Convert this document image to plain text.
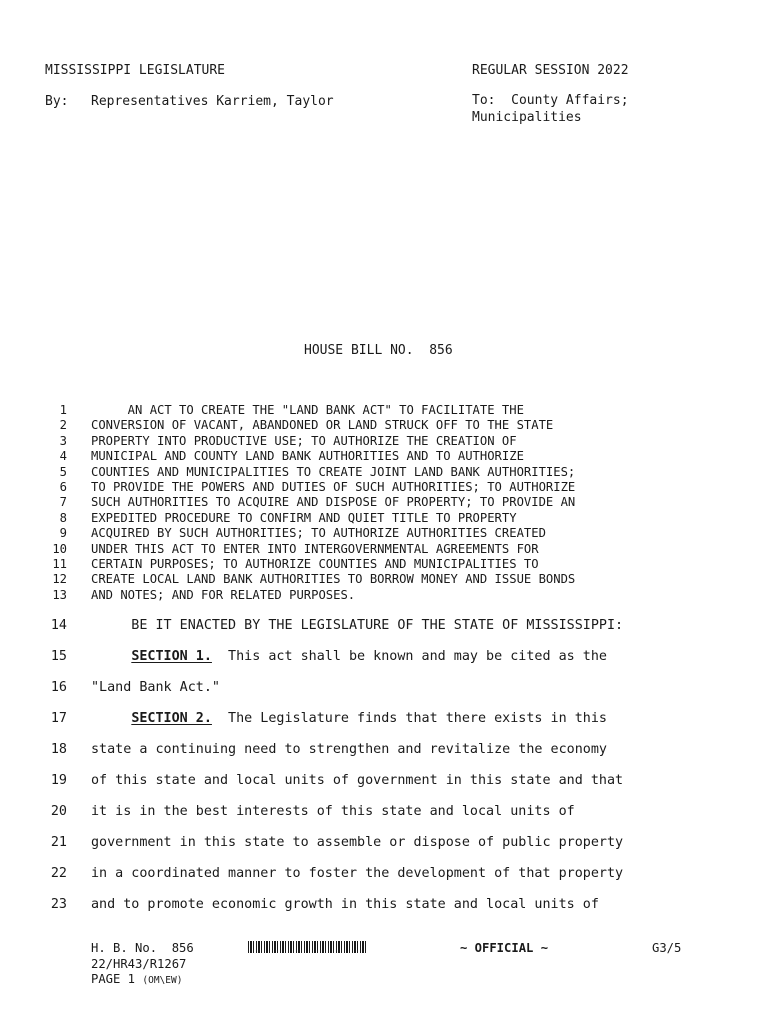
MISSISSIPPI LEGISLATURE	REGULAR SESSION 2022
By: Representatives Karriem, Taylor	To:  County Affairs;
Municipalities
HOUSE BILL NO.  856
1 AN ACT TO CREATE THE "LAND BANK ACT" TO FACILITATE THE
2 CONVERSION OF VACANT, ABANDONED OR LAND STRUCK OFF TO THE STATE
3 PROPERTY INTO PRODUCTIVE USE; TO AUTHORIZE THE CREATION OF
4 MUNICIPAL AND COUNTY LAND BANK AUTHORITIES AND TO AUTHORIZE
5 COUNTIES AND MUNICIPALITIES TO CREATE JOINT LAND BANK AUTHORITIES;
6 TO PROVIDE THE POWERS AND DUTIES OF SUCH AUTHORITIES; TO AUTHORIZE
7 SUCH AUTHORITIES TO ACQUIRE AND DISPOSE OF PROPERTY; TO PROVIDE AN
8 EXPEDITED PROCEDURE TO CONFIRM AND QUIET TITLE TO PROPERTY
9 ACQUIRED BY SUCH AUTHORITIES; TO AUTHORIZE AUTHORITIES CREATED
10 UNDER THIS ACT TO ENTER INTO INTERGOVERNMENTAL AGREEMENTS FOR
11 CERTAIN PURPOSES; TO AUTHORIZE COUNTIES AND MUNICIPALITIES TO
12 CREATE LOCAL LAND BANK AUTHORITIES TO BORROW MONEY AND ISSUE BONDS
13 AND NOTES; AND FOR RELATED PURPOSES.
14 BE IT ENACTED BY THE LEGISLATURE OF THE STATE OF MISSISSIPPI:
15	SECTION 1.  This act shall be known and may be cited as the
16 "Land Bank Act."
17	SECTION 2.  The Legislature finds that there exists in this
18 state a continuing need to strengthen and revitalize the economy
19 of this state and local units of government in this state and that
20 it is in the best interests of this state and local units of
21 government in this state to assemble or dispose of public property
22 in a coordinated manner to foster the development of that property
23 and to promote economic growth in this state and local units of
H. B. No.  856	~ OFFICIAL ~	G3/5
22/HR43/R1267
PAGE 1 (OM\EW)
